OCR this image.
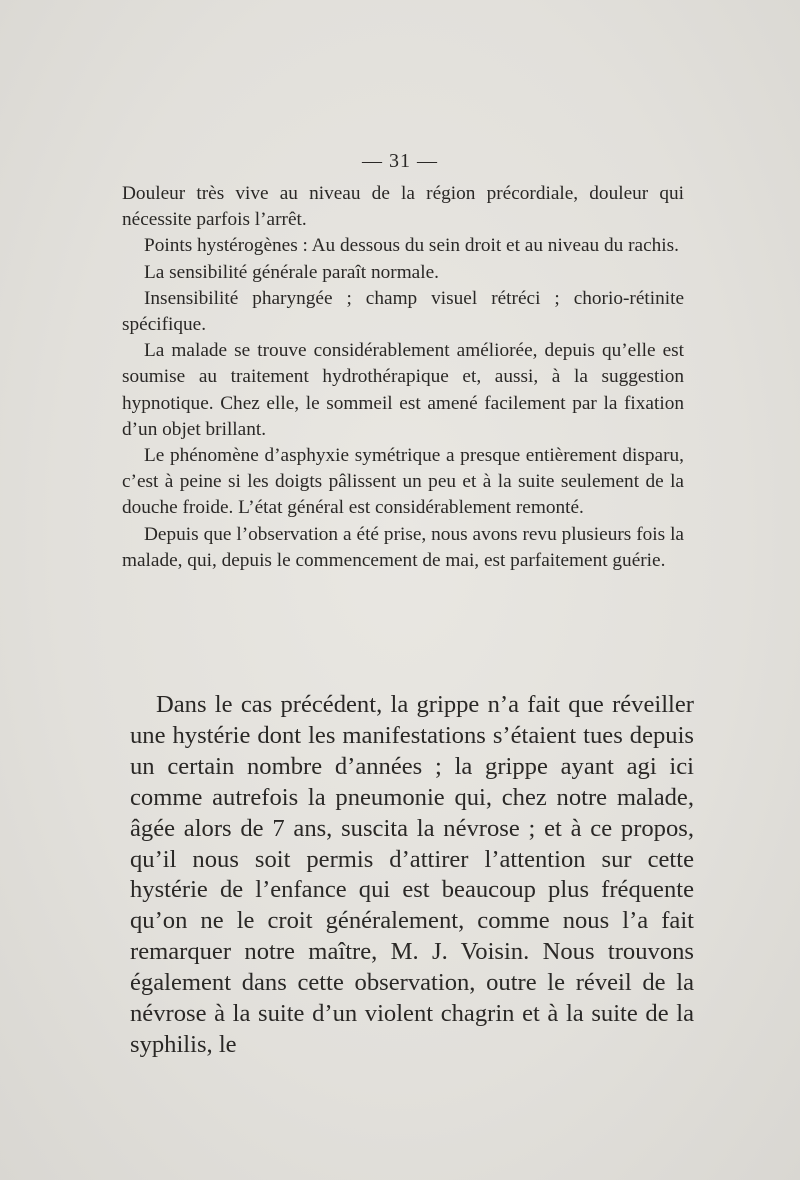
— 31 —

Douleur très vive au niveau de la région précordiale, douleur qui nécessite parfois l’arrêt.

Points hystérogènes : Au dessous du sein droit et au niveau du rachis.

La sensibilité générale paraît normale.

Insensibilité pharyngée ; champ visuel rétréci ; chorio-rétinite spécifique.

La malade se trouve considérablement améliorée, depuis qu’elle est soumise au traitement hydrothérapique et, aussi, à la suggestion hypnotique. Chez elle, le sommeil est amené facilement par la fixation d’un objet brillant.

Le phénomène d’asphyxie symétrique a presque entièrement disparu, c’est à peine si les doigts pâlissent un peu et à la suite seulement de la douche froide. L’état général est considérablement remonté.

Depuis que l’observation a été prise, nous avons revu plusieurs fois la malade, qui, depuis le commencement de mai, est parfaitement guérie.

Dans le cas précédent, la grippe n’a fait que réveiller une hystérie dont les manifestations s’étaient tues depuis un certain nombre d’années ; la grippe ayant agi ici comme autrefois la pneumonie qui, chez notre malade, âgée alors de 7 ans, suscita la névrose ; et à ce propos, qu’il nous soit permis d’attirer l’attention sur cette hystérie de l’enfance qui est beaucoup plus fréquente qu’on ne le croit généralement, comme nous l’a fait remarquer notre maître, M. J. Voisin. Nous trouvons également dans cette observation, outre le réveil de la névrose à la suite d’un violent chagrin et à la suite de la syphilis, le
